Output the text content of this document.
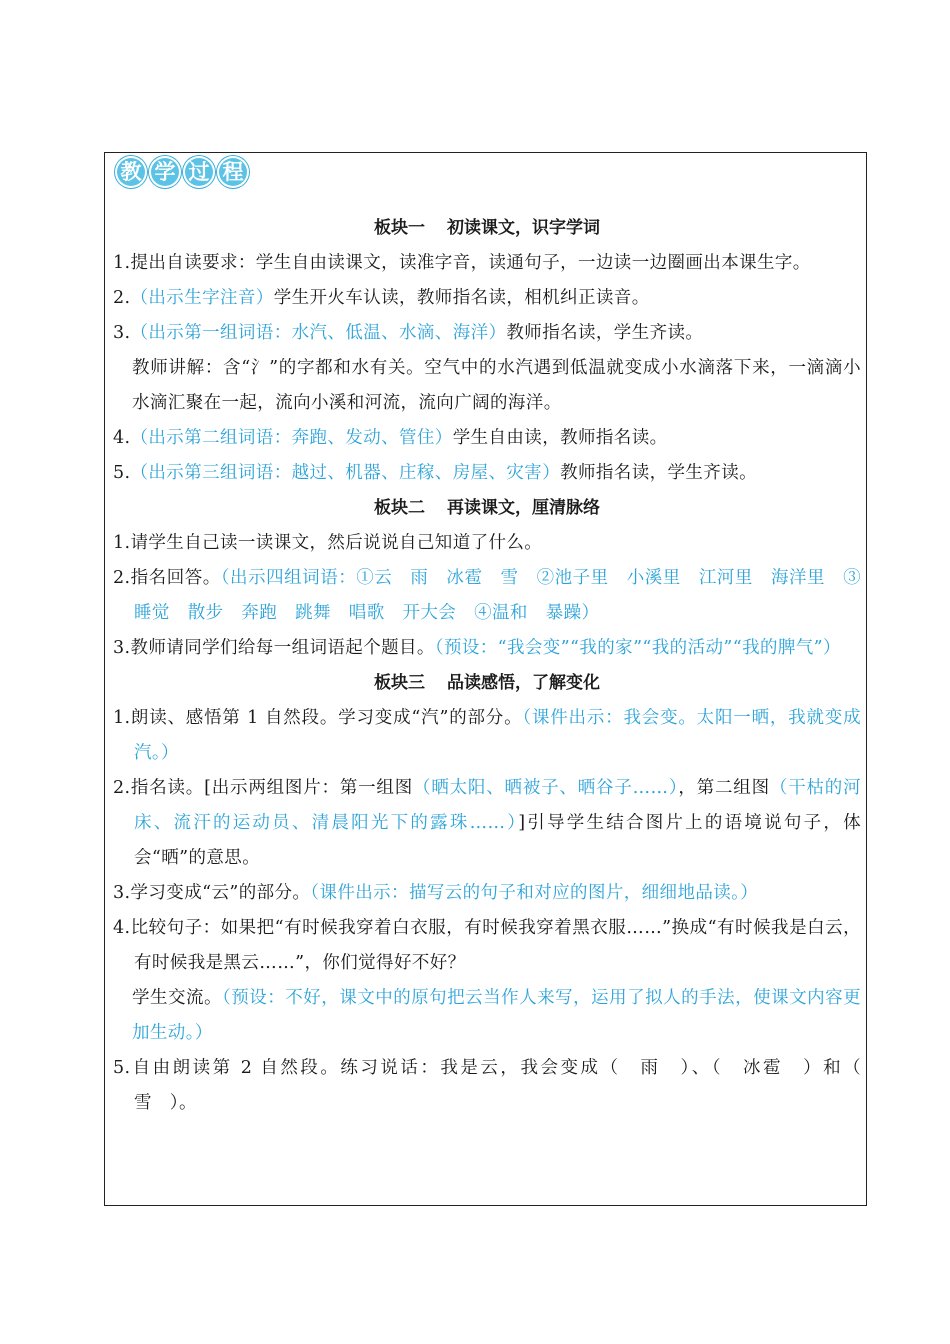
教 学 过 程
板块一 初读课文，识字学词
1.提出自读要求：学生自由读课文，读准字音，读通句子，一边读一边圈画出本课生字。
2.（出示生字注音）学生开火车认读，教师指名读，相机纠正读音。
3.（出示第一组词语：水汽、低温、水滴、海洋）教师指名读，学生齐读。
教师讲解：含“氵”的字都和水有关。空气中的水汽遇到低温就变成小水滴落下来，一滴滴小水滴汇聚在一起，流向小溪和河流，流向广阔的海洋。
4.（出示第二组词语：奔跑、发动、管住）学生自由读，教师指名读。
5.（出示第三组词语：越过、机器、庄稼、房屋、灾害）教师指名读，学生齐读。
板块二 再读课文，厘清脉络
1.请学生自己读一读课文，然后说说自己知道了什么。
2.指名回答。（出示四组词语：①云　雨　冰雹　雪　②池子里　小溪里　江河里　海洋里　③睡觉　散步　奔跑　跳舞　唱歌　开大会　④温和　暴躁）
3.教师请同学们给每一组词语起个题目。（预设：“我会变”“我的家”“我的活动”“我的脾气”）
板块三 品读感悟，了解变化
1.朗读、感悟第 1 自然段。学习变成“汽”的部分。（课件出示：我会变。太阳一晒，我就变成汽。）
2.指名读。[出示两组图片：第一组图（晒太阳、晒被子、晒谷子……），第二组图（干枯的河床、流汗的运动员、清晨阳光下的露珠……）]引导学生结合图片上的语境说句子，体会“晒”的意思。
3.学习变成“云”的部分。（课件出示：描写云的句子和对应的图片，细细地品读。）
4.比较句子：如果把“有时候我穿着白衣服，有时候我穿着黑衣服……”换成“有时候我是白云，有时候我是黑云……”，你们觉得好不好？
学生交流。（预设：不好，课文中的原句把云当作人来写，运用了拟人的手法，使课文内容更加生动。）
5.自由朗读第 2 自然段。练习说话：我是云，我会变成（　雨　）、（　冰雹　）和（　雪　）。
